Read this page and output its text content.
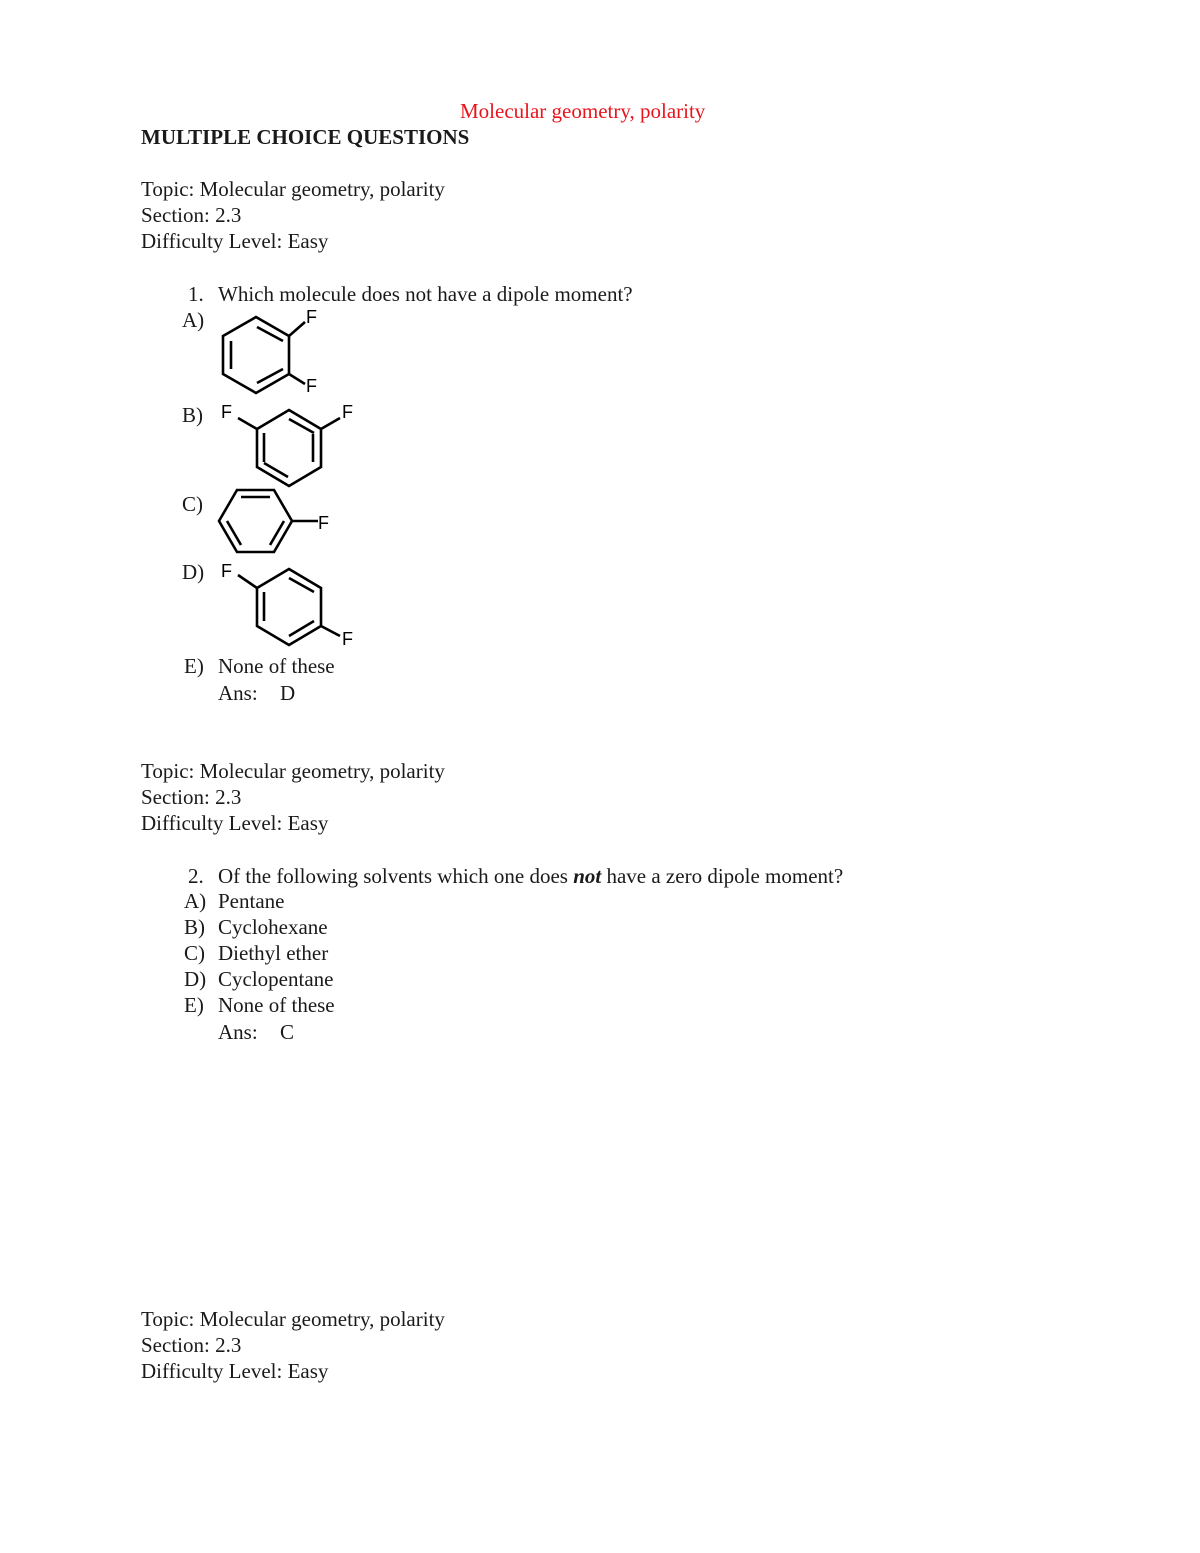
Molecular geometry, polarity
MULTIPLE CHOICE QUESTIONS
Topic: Molecular geometry, polarity
Section: 2.3
Difficulty Level: Easy
1. Which molecule does not have a dipole moment?
A)	F
F
B) F	F
C)
F
D) F
F
E) None of these
Ans: D
Topic: Molecular geometry, polarity
Section: 2.3
Difficulty Level: Easy
2. Of the following solvents which one does not have a zero dipole moment?
A) Pentane
B) Cyclohexane
C) Diethyl ether
D) Cyclopentane
E) None of these
Ans: C
Topic: Molecular geometry, polarity
Section: 2.3
Difficulty Level: Easy
